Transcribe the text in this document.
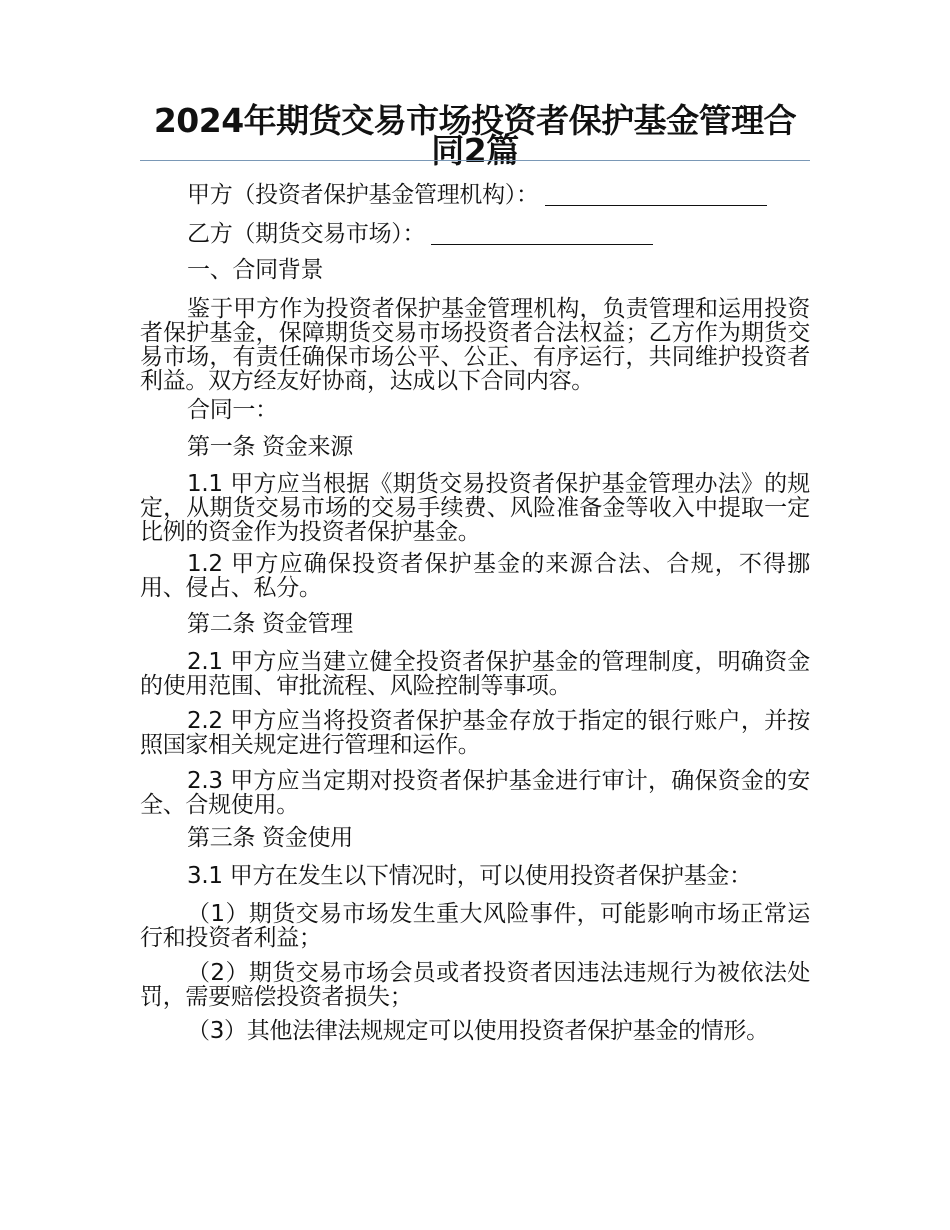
2024年期货交易市场投资者保护基金管理合同2篇

甲方（投资者保护基金管理机构）：

乙方（期货交易市场）：

一、合同背景

鉴于甲方作为投资者保护基金管理机构，负责管理和运用投资者保护基金，保障期货交易市场投资者合法权益；乙方作为期货交易市场，有责任确保市场公平、公正、有序运行，共同维护投资者利益。双方经友好协商，达成以下合同内容。

合同一：

第一条 资金来源

1.1 甲方应当根据《期货交易投资者保护基金管理办法》的规定，从期货交易市场的交易手续费、风险准备金等收入中提取一定比例的资金作为投资者保护基金。

1.2 甲方应确保投资者保护基金的来源合法、合规，不得挪用、侵占、私分。

第二条 资金管理

2.1 甲方应当建立健全投资者保护基金的管理制度，明确资金的使用范围、审批流程、风险控制等事项。

2.2 甲方应当将投资者保护基金存放于指定的银行账户，并按照国家相关规定进行管理和运作。

2.3 甲方应当定期对投资者保护基金进行审计，确保资金的安全、合规使用。

第三条 资金使用

3.1 甲方在发生以下情况时，可以使用投资者保护基金：

（1）期货交易市场发生重大风险事件，可能影响市场正常运行和投资者利益；

（2）期货交易市场会员或者投资者因违法违规行为被依法处罚，需要赔偿投资者损失；

（3）其他法律法规规定可以使用投资者保护基金的情形。
